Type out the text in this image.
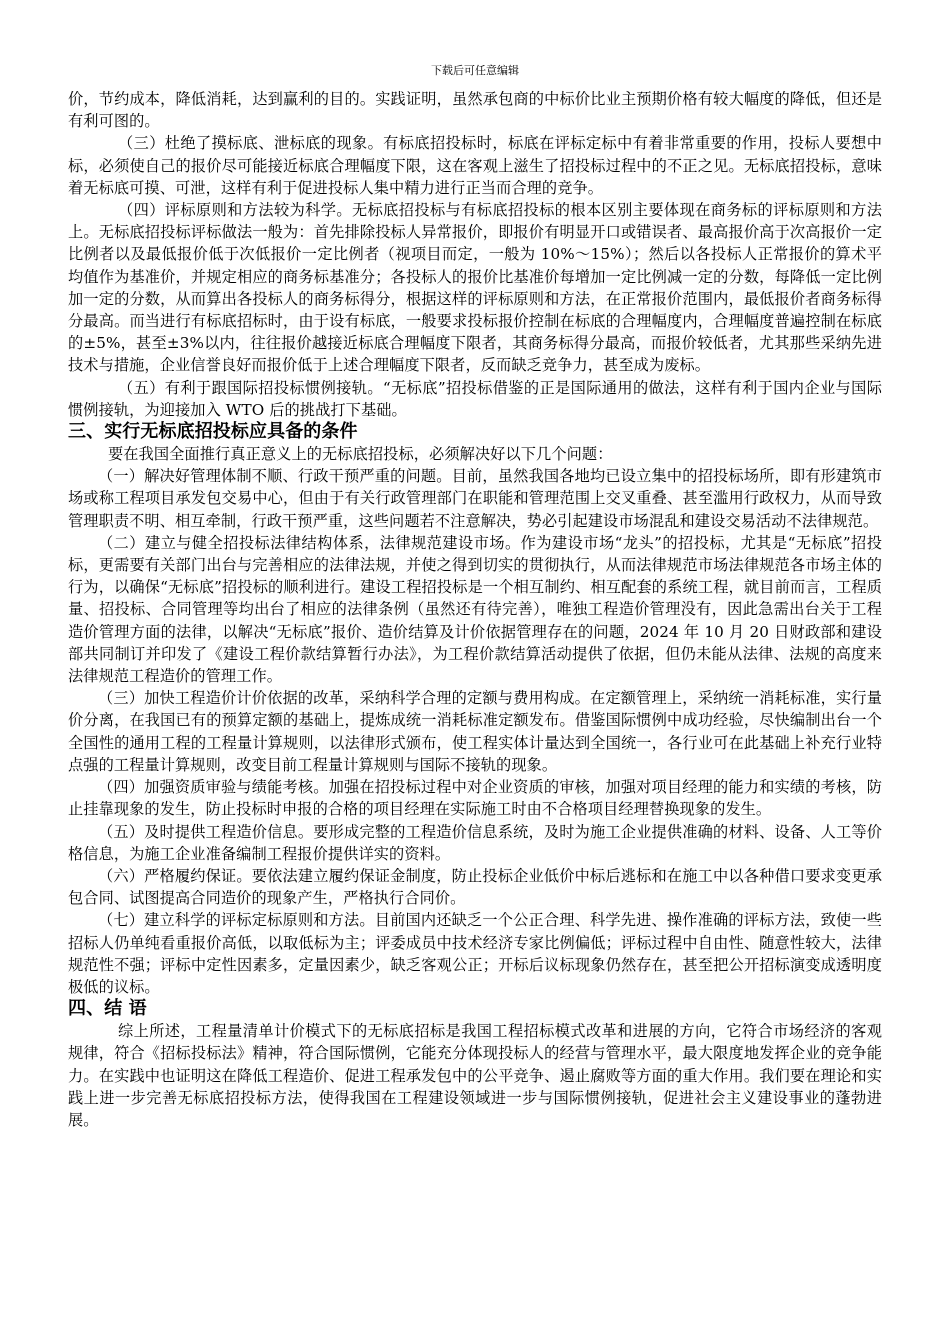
下载后可任意编辑

价，节约成本，降低消耗，达到赢利的目的。实践证明，虽然承包商的中标价比业主预期价格有较大幅度的降低，但还是有利可图的。

（三）杜绝了摸标底、泄标底的现象。有标底招投标时，标底在评标定标中有着非常重要的作用，投标人要想中标，必须使自己的报价尽可能接近标底合理幅度下限，这在客观上滋生了招投标过程中的不正之见。无标底招投标，意味着无标底可摸、可泄，这样有利于促进投标人集中精力进行正当而合理的竞争。

（四）评标原则和方法较为科学。无标底招投标与有标底招投标的根本区别主要体现在商务标的评标原则和方法上。无标底招投标评标做法一般为：首先排除投标人异常报价，即报价有明显开口或错误者、最高报价高于次高报价一定比例者以及最低报价低于次低报价一定比例者（视项目而定，一般为 10%～15%）；然后以各投标人正常报价的算术平均值作为基准价，并规定相应的商务标基准分；各投标人的报价比基准价每增加一定比例减一定的分数，每降低一定比例加一定的分数，从而算出各投标人的商务标得分，根据这样的评标原则和方法，在正常报价范围内，最低报价者商务标得分最高。而当进行有标底招标时，由于设有标底，一般要求投标报价控制在标底的合理幅度内，合理幅度普遍控制在标底的±5%，甚至±3%以内，往往报价越接近标底合理幅度下限者，其商务标得分最高，而报价较低者，尤其那些采纳先进技术与措施，企业信誉良好而报价低于上述合理幅度下限者，反而缺乏竞争力，甚至成为废标。

（五）有利于跟国际招投标惯例接轨。“无标底”招投标借鉴的正是国际通用的做法，这样有利于国内企业与国际惯例接轨，为迎接加入 WTO 后的挑战打下基础。

三、实行无标底招投标应具备的条件

要在我国全面推行真正意义上的无标底招投标，必须解决好以下几个问题：

（一）解决好管理体制不顺、行政干预严重的问题。目前，虽然我国各地均已设立集中的招投标场所，即有形建筑市场或称工程项目承发包交易中心，但由于有关行政管理部门在职能和管理范围上交叉重叠、甚至滥用行政权力，从而导致管理职责不明、相互牵制，行政干预严重，这些问题若不注意解决，势必引起建设市场混乱和建设交易活动不法律规范。

（二）建立与健全招投标法律结构体系，法律规范建设市场。作为建设市场“龙头”的招投标，尤其是“无标底”招投标，更需要有关部门出台与完善相应的法律法规，并使之得到切实的贯彻执行，从而法律规范市场法律规范各市场主体的行为，以确保“无标底”招投标的顺利进行。建设工程招投标是一个相互制约、相互配套的系统工程，就目前而言，工程质量、招投标、合同管理等均出台了相应的法律条例（虽然还有待完善），唯独工程造价管理没有，因此急需出台关于工程造价管理方面的法律，以解决“无标底”报价、造价结算及计价依据管理存在的问题，2024 年 10 月 20 日财政部和建设部共同制订并印发了《建设工程价款结算暂行办法》，为工程价款结算活动提供了依据，但仍未能从法律、法规的高度来法律规范工程造价的管理工作。

（三）加快工程造价计价依据的改革，采纳科学合理的定额与费用构成。在定额管理上，采纳统一消耗标准，实行量价分离，在我国已有的预算定额的基础上，提炼成统一消耗标准定额发布。借鉴国际惯例中成功经验，尽快编制出台一个全国性的通用工程的工程量计算规则，以法律形式颁布，使工程实体计量达到全国统一，各行业可在此基础上补充行业特点强的工程量计算规则，改变目前工程量计算规则与国际不接轨的现象。

（四）加强资质审验与绩能考核。加强在招投标过程中对企业资质的审核，加强对项目经理的能力和实绩的考核，防止挂靠现象的发生，防止投标时申报的合格的项目经理在实际施工时由不合格项目经理替换现象的发生。

（五）及时提供工程造价信息。要形成完整的工程造价信息系统，及时为施工企业提供准确的材料、设备、人工等价格信息，为施工企业准备编制工程报价提供详实的资料。

（六）严格履约保证。要依法建立履约保证金制度，防止投标企业低价中标后逃标和在施工中以各种借口要求变更承包合同、试图提高合同造价的现象产生，严格执行合同价。

（七）建立科学的评标定标原则和方法。目前国内还缺乏一个公正合理、科学先进、操作准确的评标方法，致使一些招标人仍单纯看重报价高低，以取低标为主；评委成员中技术经济专家比例偏低；评标过程中自由性、随意性较大，法律规范性不强；评标中定性因素多，定量因素少，缺乏客观公正；开标后议标现象仍然存在，甚至把公开招标演变成透明度极低的议标。

四、结 语

综上所述，工程量清单计价模式下的无标底招标是我国工程招标模式改革和进展的方向，它符合市场经济的客观规律，符合《招标投标法》精神，符合国际惯例，它能充分体现投标人的经营与管理水平，最大限度地发挥企业的竞争能力。在实践中也证明这在降低工程造价、促进工程承发包中的公平竞争、遏止腐败等方面的重大作用。我们要在理论和实践上进一步完善无标底招投标方法，使得我国在工程建设领域进一步与国际惯例接轨，促进社会主义建设事业的蓬勃进展。
